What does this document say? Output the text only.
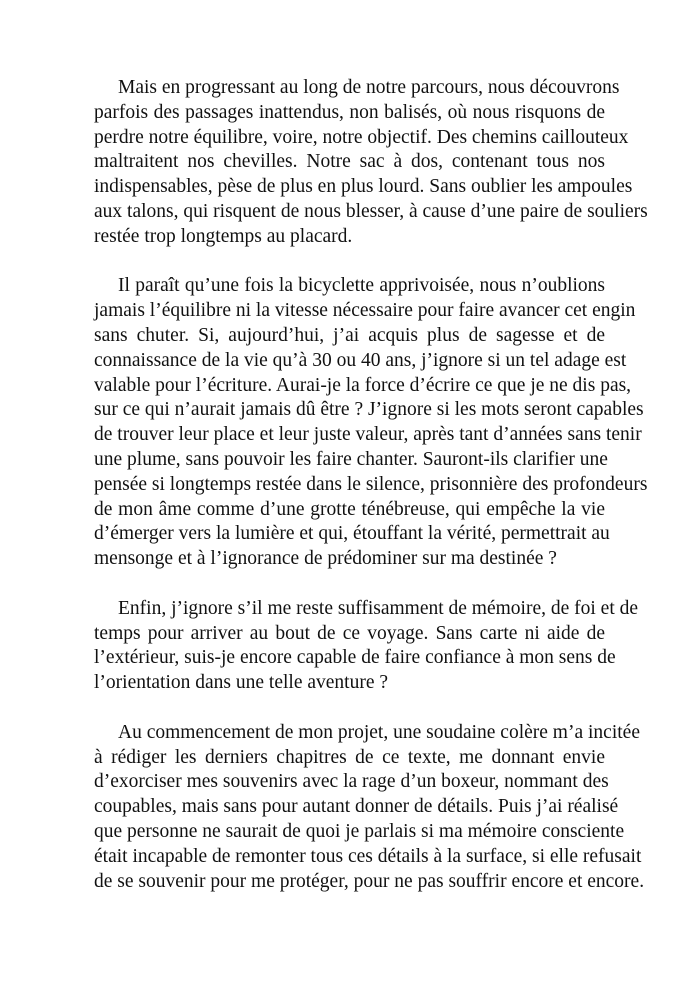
Mais en progressant au long de notre parcours, nous découvrons
parfois des passages inattendus, non balisés, où nous risquons de
perdre notre équilibre, voire, notre objectif. Des chemins caillouteux
maltraitent nos chevilles. Notre sac à dos, contenant tous nos
indispensables, pèse de plus en plus lourd. Sans oublier les ampoules
aux talons, qui risquent de nous blesser, à cause d’une paire de souliers
restée trop longtemps au placard.
Il paraît qu’une fois la bicyclette apprivoisée, nous n’oublions
jamais l’équilibre ni la vitesse nécessaire pour faire avancer cet engin
sans chuter. Si, aujourd’hui, j’ai acquis plus de sagesse et de
connaissance de la vie qu’à 30 ou 40 ans, j’ignore si un tel adage est
valable pour l’écriture. Aurai-je la force d’écrire ce que je ne dis pas,
sur ce qui n’aurait jamais dû être ? J’ignore si les mots seront capables
de trouver leur place et leur juste valeur, après tant d’années sans tenir
une plume, sans pouvoir les faire chanter. Sauront-ils clarifier une
pensée si longtemps restée dans le silence, prisonnière des profondeurs
de mon âme comme d’une grotte ténébreuse, qui empêche la vie
d’émerger vers la lumière et qui, étouffant la vérité, permettrait au
mensonge et à l’ignorance de prédominer sur ma destinée ?
Enfin, j’ignore s’il me reste suffisamment de mémoire, de foi et de
temps pour arriver au bout de ce voyage. Sans carte ni aide de
l’extérieur, suis-je encore capable de faire confiance à mon sens de
l’orientation dans une telle aventure ?
Au commencement de mon projet, une soudaine colère m’a incitée
à rédiger les derniers chapitres de ce texte, me donnant envie
d’exorciser mes souvenirs avec la rage d’un boxeur, nommant des
coupables, mais sans pour autant donner de détails. Puis j’ai réalisé
que personne ne saurait de quoi je parlais si ma mémoire consciente
était incapable de remonter tous ces détails à la surface, si elle refusait
de se souvenir pour me protéger, pour ne pas souffrir encore et encore.
